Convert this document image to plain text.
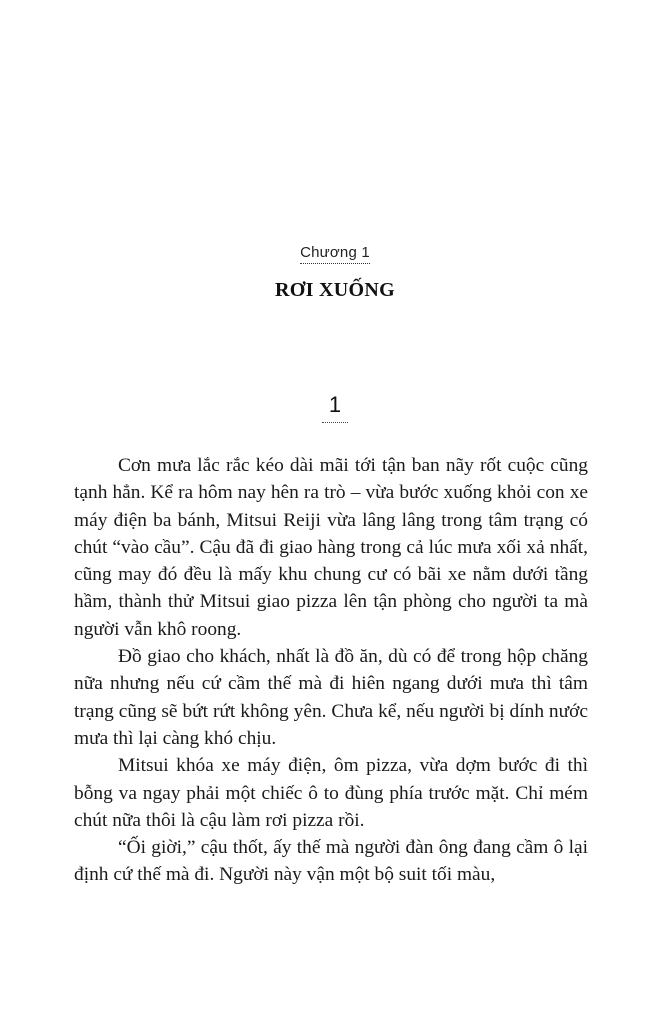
Chương 1
RƠI XUỐNG
1

Cơn mưa lắc rắc kéo dài mãi tới tận ban nãy rốt cuộc cũng tạnh hẳn. Kể ra hôm nay hên ra trò – vừa bước xuống khỏi con xe máy điện ba bánh, Mitsui Reiji vừa lâng lâng trong tâm trạng có chút “vào cầu”. Cậu đã đi giao hàng trong cả lúc mưa xối xả nhất, cũng may đó đều là mấy khu chung cư có bãi xe nằm dưới tầng hầm, thành thử Mitsui giao pizza lên tận phòng cho người ta mà người vẫn khô roong.

Đồ giao cho khách, nhất là đồ ăn, dù có để trong hộp chăng nữa nhưng nếu cứ cầm thế mà đi hiên ngang dưới mưa thì tâm trạng cũng sẽ bứt rứt không yên. Chưa kể, nếu người bị dính nước mưa thì lại càng khó chịu.

Mitsui khóa xe máy điện, ôm pizza, vừa dợm bước đi thì bỗng va ngay phải một chiếc ô to đùng phía trước mặt. Chỉ mém chút nữa thôi là cậu làm rơi pizza rồi.

“Ối giời,” cậu thốt, ấy thế mà người đàn ông đang cầm ô lại định cứ thế mà đi. Người này vận một bộ suit tối màu,
